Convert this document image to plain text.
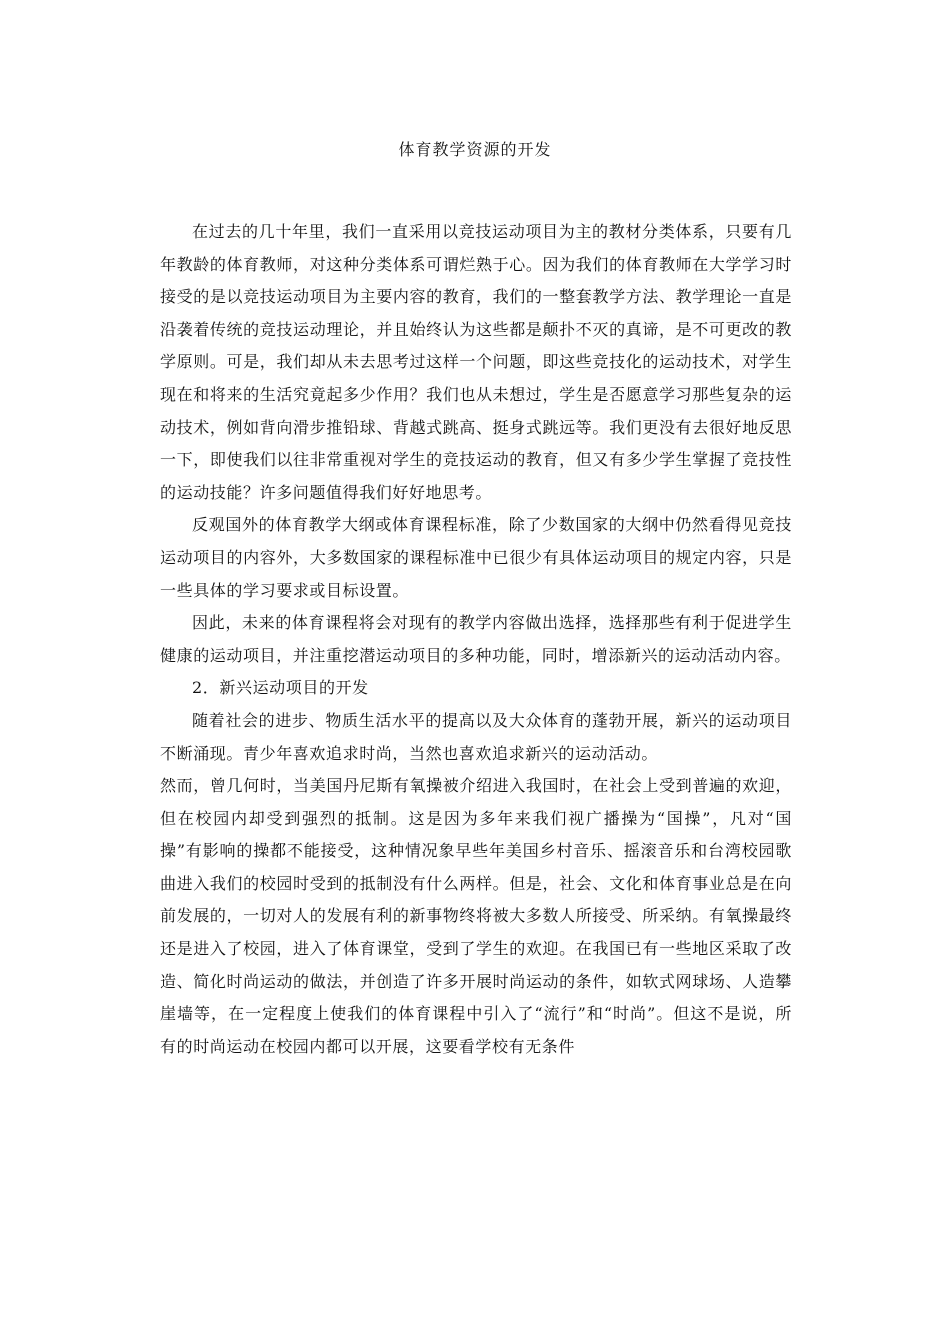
体育教学资源的开发

在过去的几十年里，我们一直采用以竞技运动项目为主的教材分类体系，只要有几年教龄的体育教师，对这种分类体系可谓烂熟于心。因为我们的体育教师在大学学习时接受的是以竞技运动项目为主要内容的教育，我们的一整套教学方法、教学理论一直是沿袭着传统的竞技运动理论，并且始终认为这些都是颠扑不灭的真谛，是不可更改的教学原则。可是，我们却从未去思考过这样一个问题，即这些竞技化的运动技术，对学生现在和将来的生活究竟起多少作用？我们也从未想过，学生是否愿意学习那些复杂的运动技术，例如背向滑步推铅球、背越式跳高、挺身式跳远等。我们更没有去很好地反思一下，即使我们以往非常重视对学生的竞技运动的教育，但又有多少学生掌握了竞技性的运动技能？许多问题值得我们好好地思考。

反观国外的体育教学大纲或体育课程标准，除了少数国家的大纲中仍然看得见竞技运动项目的内容外，大多数国家的课程标准中已很少有具体运动项目的规定内容，只是一些具体的学习要求或目标设置。

因此，未来的体育课程将会对现有的教学内容做出选择，选择那些有利于促进学生健康的运动项目，并注重挖潜运动项目的多种功能，同时，增添新兴的运动活动内容。

2．新兴运动项目的开发

随着社会的进步、物质生活水平的提高以及大众体育的蓬勃开展，新兴的运动项目不断涌现。青少年喜欢追求时尚，当然也喜欢追求新兴的运动活动。

然而，曾几何时，当美国丹尼斯有氧操被介绍进入我国时，在社会上受到普遍的欢迎，但在校园内却受到强烈的抵制。这是因为多年来我们视广播操为“国操”，凡对“国操”有影响的操都不能接受，这种情况象早些年美国乡村音乐、摇滚音乐和台湾校园歌曲进入我们的校园时受到的抵制没有什么两样。但是，社会、文化和体育事业总是在向前发展的，一切对人的发展有利的新事物终将被大多数人所接受、所采纳。有氧操最终还是进入了校园，进入了体育课堂，受到了学生的欢迎。在我国已有一些地区采取了改造、简化时尚运动的做法，并创造了许多开展时尚运动的条件，如软式网球场、人造攀崖墙等，在一定程度上使我们的体育课程中引入了“流行”和“时尚”。但这不是说，所有的时尚运动在校园内都可以开展，这要看学校有无条件
